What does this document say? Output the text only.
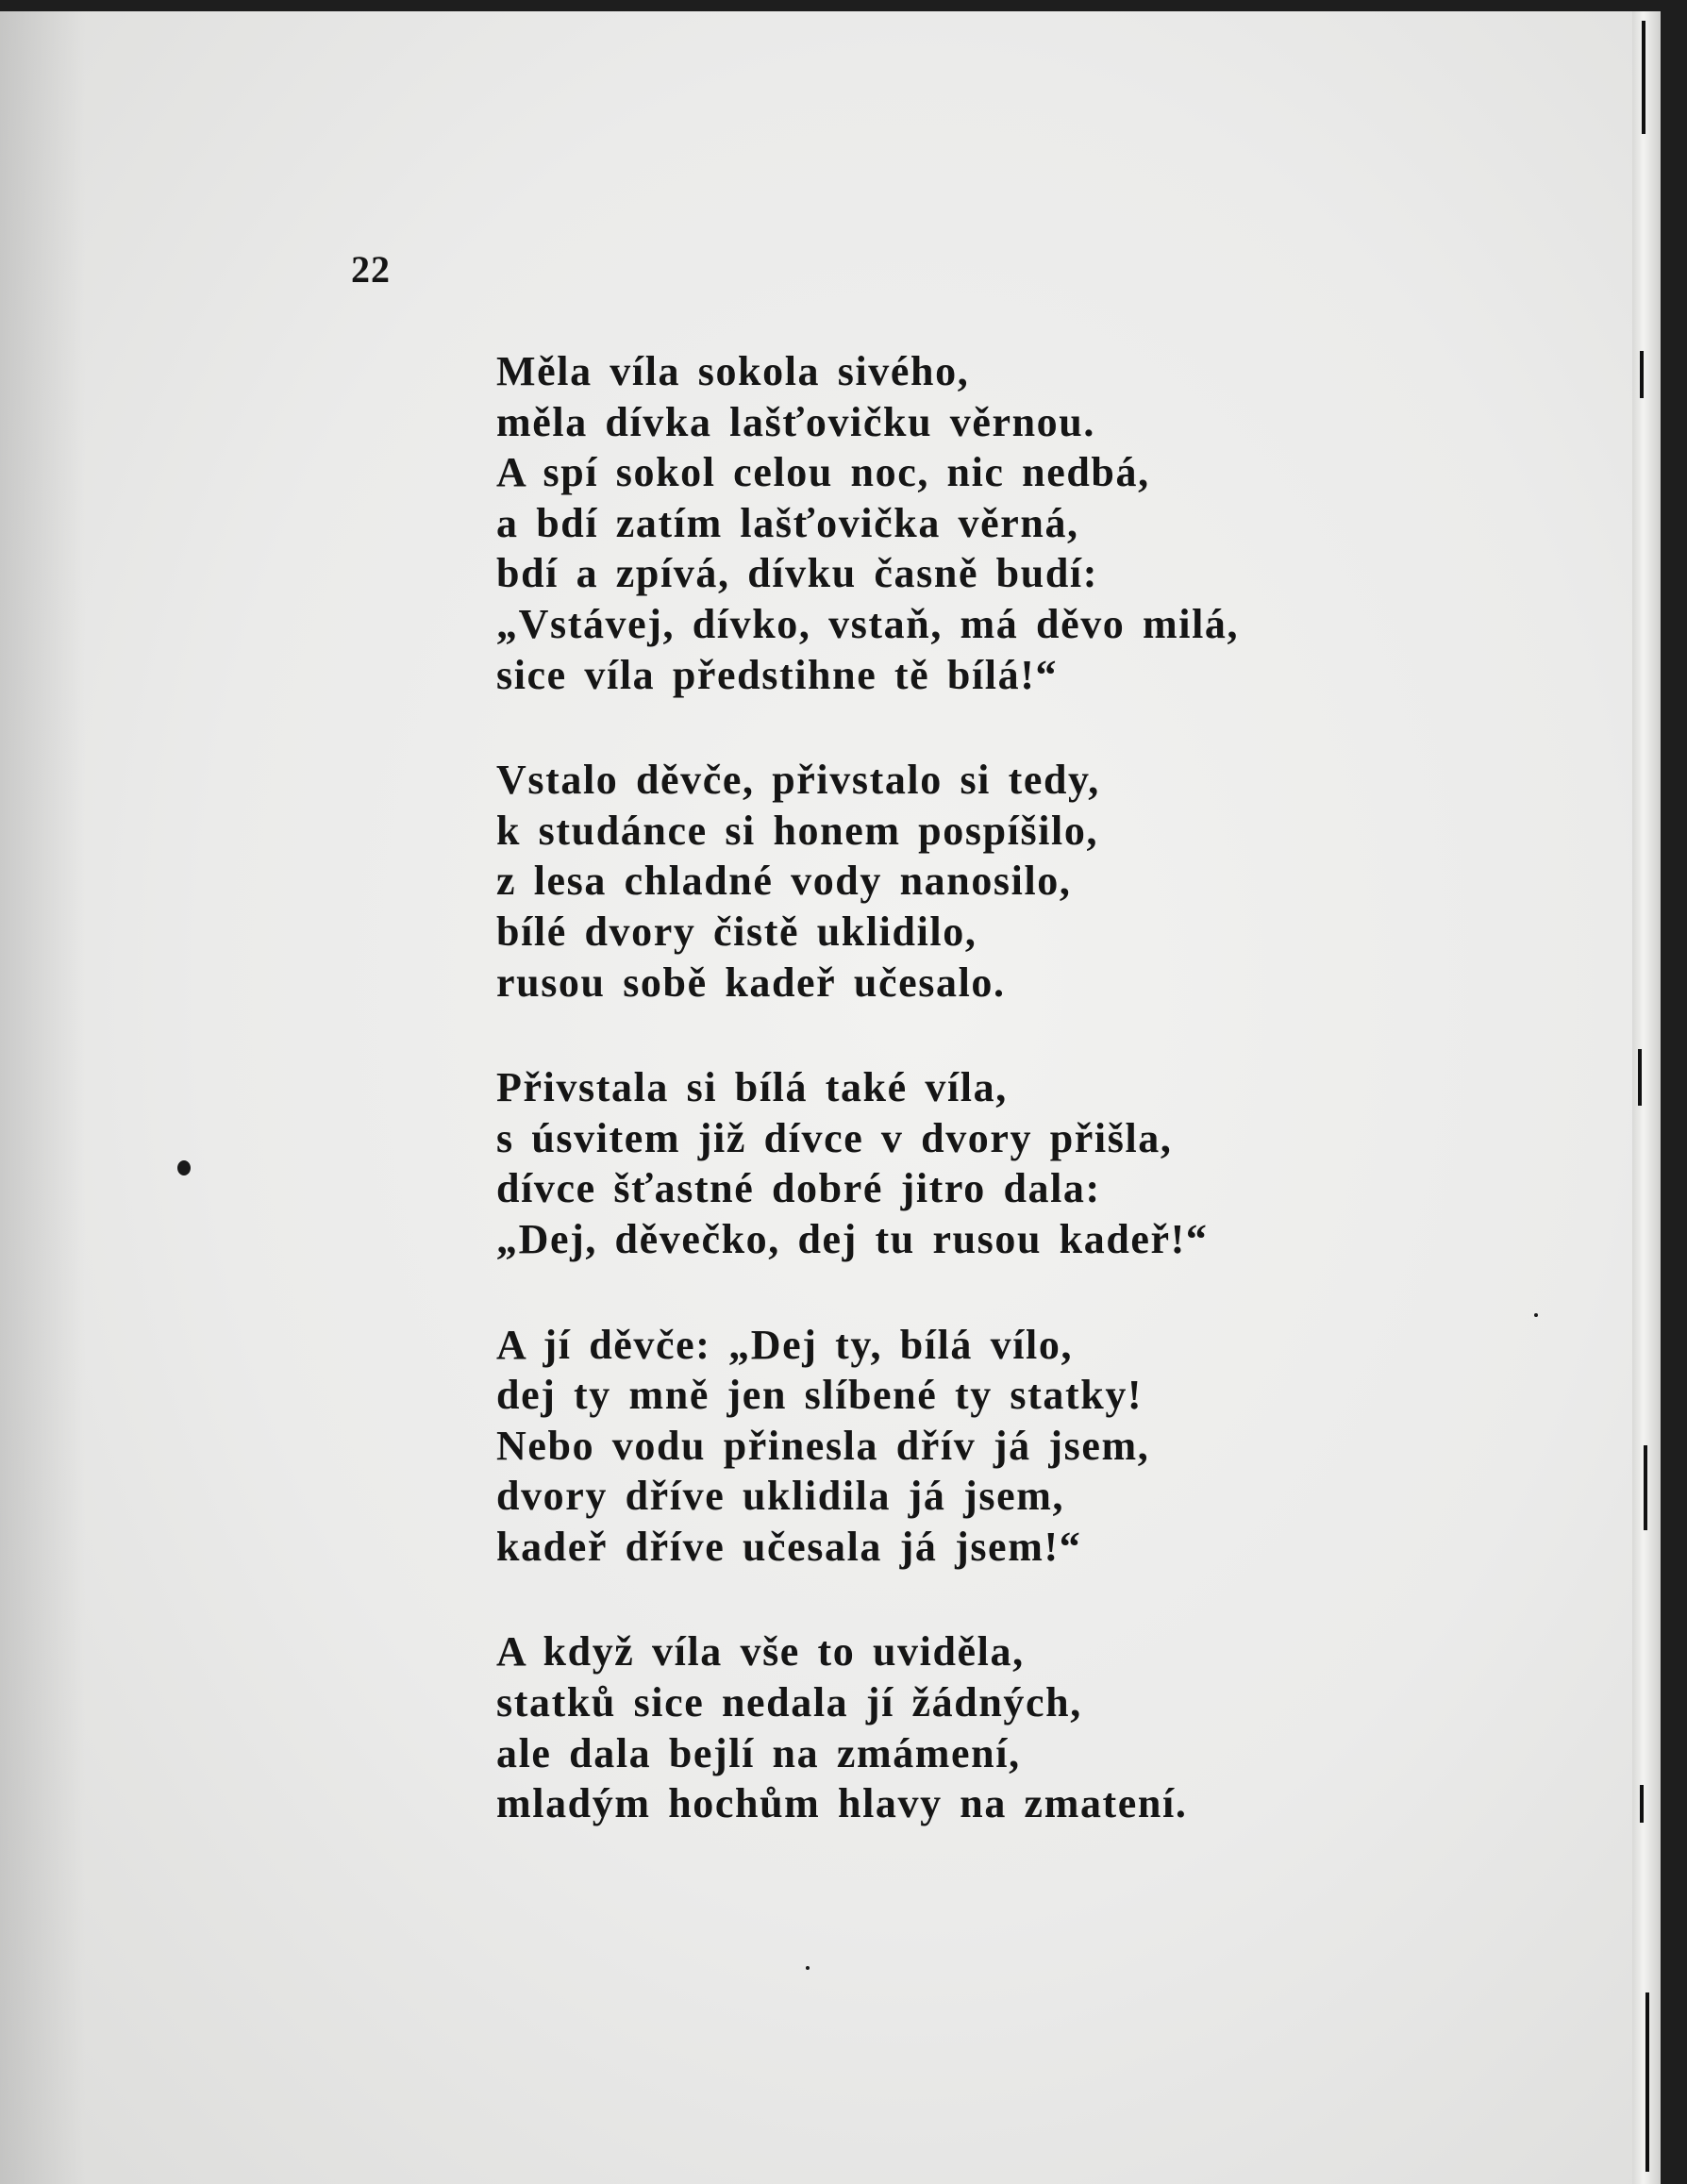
22
Měla víla sokola sivého,
měla dívka lašťovičku věrnou.
A spí sokol celou noc, nic nedbá,
a bdí zatím lašťovička věrná,
bdí a zpívá, dívku časně budí:
„Vstávej, dívko, vstaň, má děvo milá,
sice víla předstihne tě bílá!“
Vstalo děvče, přivstalo si tedy,
k studánce si honem pospíšilo,
z lesa chladné vody nanosilo,
bílé dvory čistě uklidilo,
rusou sobě kadeř učesalo.
Přivstala si bílá také víla,
s úsvitem již dívce v dvory přišla,
dívce šťastné dobré jitro dala:
„Dej, děvečko, dej tu rusou kadeř!“
A jí děvče: „Dej ty, bílá vílo,
dej ty mně jen slíbené ty statky!
Nebo vodu přinesla dřív já jsem,
dvory dříve uklidila já jsem,
kadeř dříve učesala já jsem!“
A když víla vše to uviděla,
statků sice nedala jí žádných,
ale dala bejlí na zmámení,
mladým hochům hlavy na zmatení.
